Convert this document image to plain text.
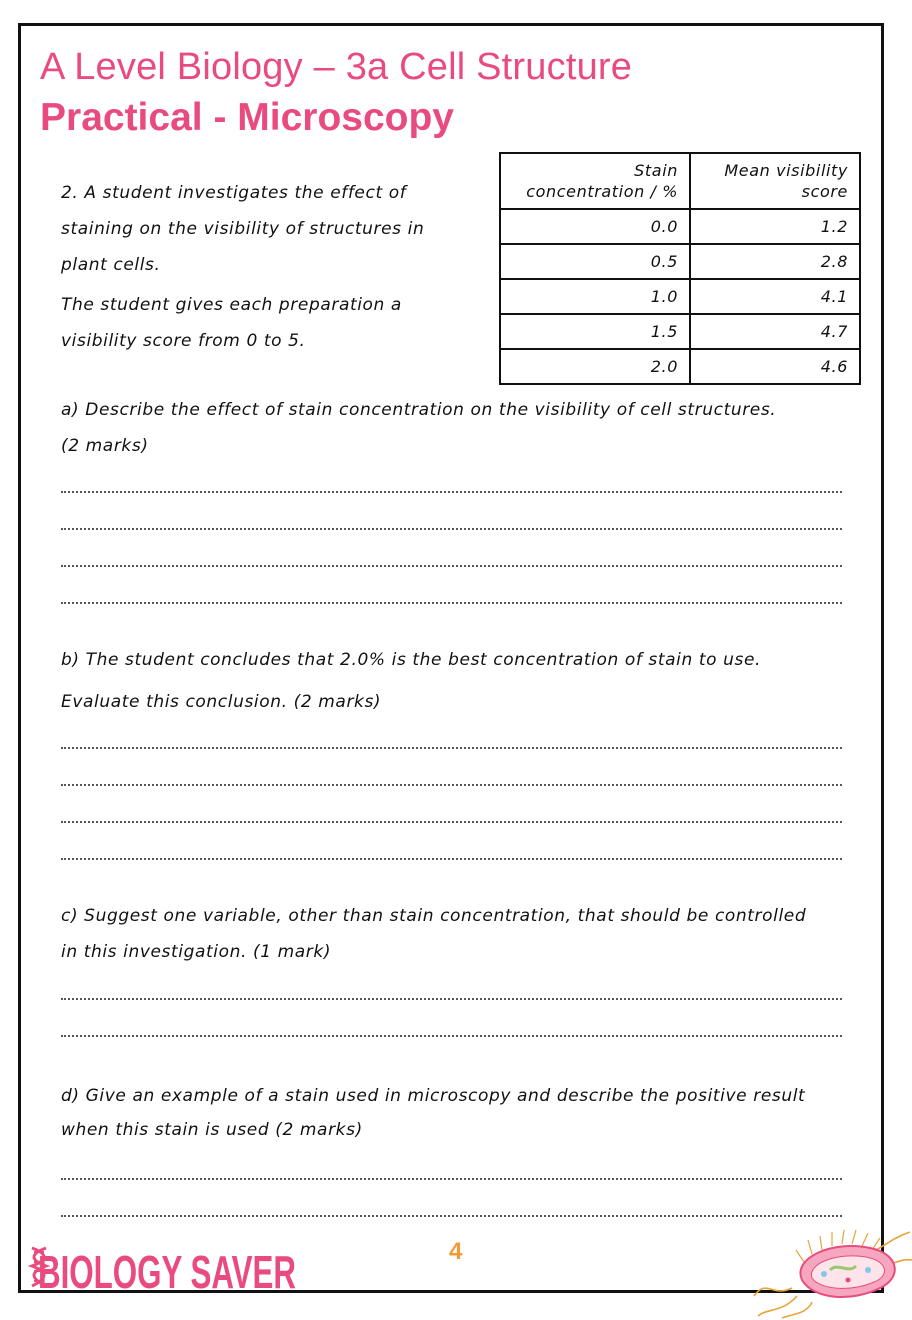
A Level Biology – 3a Cell Structure
Practical - Microscopy

2. A student investigates the effect of

staining on the visibility of structures in

plant cells.

The student gives each preparation a

visibility score from 0 to 5.

Stain
concentration / %	Mean visibility
score
0.0	1.2
0.5	2.8
1.0	4.1
1.5	4.7
2.0	4.6

a) Describe the effect of stain concentration on the visibility of cell structures.

(2 marks)

b) The student concludes that 2.0% is the best concentration of stain to use.

Evaluate this conclusion. (2 marks)

c) Suggest one variable, other than stain concentration, that should be controlled

in this investigation. (1 mark)

d) Give an example of a stain used in microscopy and describe the positive result

when this stain is used (2 marks)

4
BIOLOGY SAVER
